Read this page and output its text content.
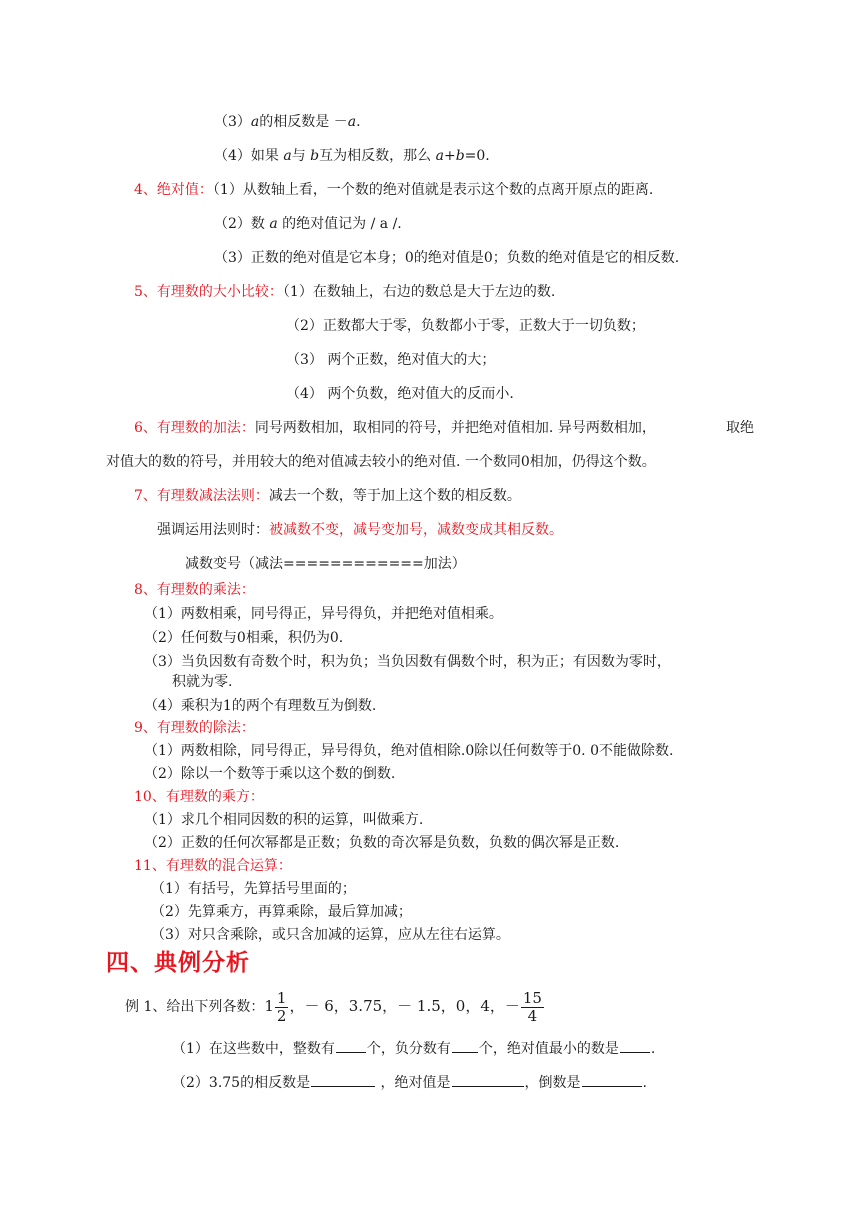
（3）a的相反数是 －a.
（4）如果 a与 b互为相反数，那么 a+b=0.
4、绝对值：（1）从数轴上看，一个数的绝对值就是表示这个数的点离开原点的距离.
（2）数 a 的绝对值记为 ∕ a ∕.
（3）正数的绝对值是它本身；0的绝对值是0；负数的绝对值是它的相反数.
5、有理数的大小比较：（1）在数轴上，右边的数总是大于左边的数.
（2）正数都大于零，负数都小于零，正数大于一切负数；
（3） 两个正数，绝对值大的大；
（4） 两个负数，绝对值大的反而小.
6、有理数的加法：同号两数相加，取相同的符号，并把绝对值相加. 异号两数相加，	取绝
对值大的数的符号，并用较大的绝对值减去较小的绝对值. 一个数同0相加，仍得这个数。
7、有理数减法法则：减去一个数，等于加上这个数的相反数。
强调运用法则时：被减数不变，减号变加号，减数变成其相反数。
减数变号（减法============加法）
8、有理数的乘法：
（1）两数相乘，同号得正，异号得负，并把绝对值相乘。
（2）任何数与0相乘，积仍为0.
（3）当负因数有奇数个时，积为负；当负因数有偶数个时，积为正；有因数为零时，
积就为零.
（4）乘积为1的两个有理数互为倒数.
9、有理数的除法：
（1）两数相除，同号得正，异号得负，绝对值相除.0除以任何数等于0. 0不能做除数.
（2）除以一个数等于乘以这个数的倒数.
10、有理数的乘方：
（1）求几个相同因数的积的运算，叫做乘方.
（2）正数的任何次幂都是正数；负数的奇次幂是负数，负数的偶次幂是正数.
11、有理数的混合运算：
（1）有括号，先算括号里面的；
（2）先算乘方，再算乘除，最后算加减；
（3）对只含乘除，或只含加减的运算，应从左往右运算。
四、典例分析
例 1、给出下列各数：$1 \frac{1}{2}$ ，－ 6，3.75，－ 1.5，0，4，－ $\frac{15}{4}$
（1）在这些数中，整数有 个，负分数有 个，绝对值最小的数是 .
（2）3.75的相反数是	，绝对值是	，倒数是	.
